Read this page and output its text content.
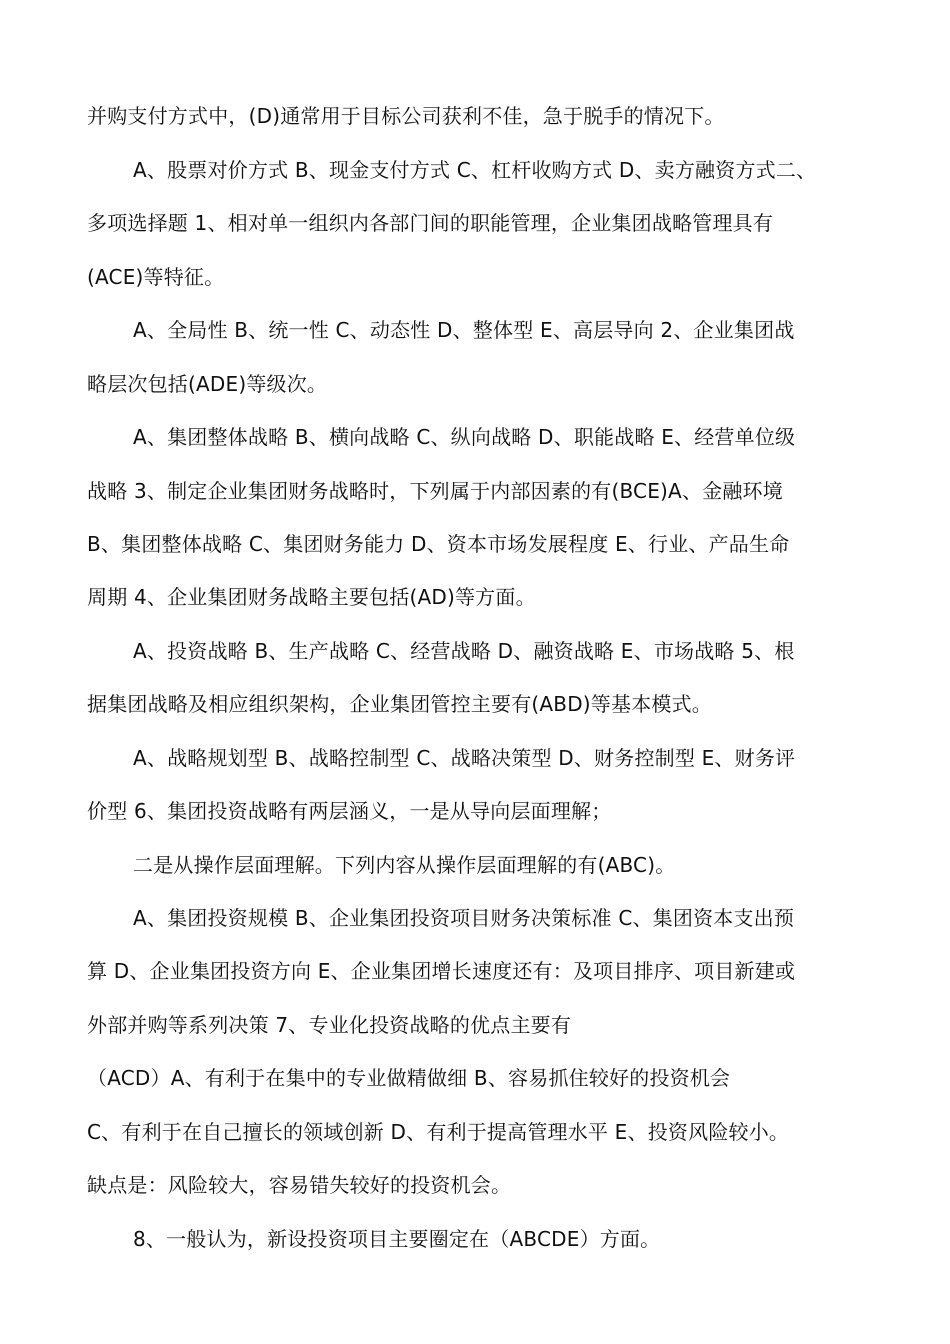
并购支付方式中，(D)通常用于目标公司获利不佳，急于脱手的情况下。
A、股票对价方式 B、现金支付方式 C、杠杆收购方式 D、卖方融资方式二、
多项选择题 1、相对单一组织内各部门间的职能管理，企业集团战略管理具有
(ACE)等特征。
A、全局性 B、统一性 C、动态性 D、整体型 E、高层导向 2、企业集团战
略层次包括(ADE)等级次。
A、集团整体战略 B、横向战略 C、纵向战略 D、职能战略 E、经营单位级
战略 3、制定企业集团财务战略时，下列属于内部因素的有(BCE)A、金融环境
B、集团整体战略 C、集团财务能力 D、资本市场发展程度 E、行业、产品生命
周期 4、企业集团财务战略主要包括(AD)等方面。
A、投资战略 B、生产战略 C、经营战略 D、融资战略 E、市场战略 5、根
据集团战略及相应组织架构，企业集团管控主要有(ABD)等基本模式。
A、战略规划型 B、战略控制型 C、战略决策型 D、财务控制型 E、财务评
价型 6、集团投资战略有两层涵义，一是从导向层面理解；
二是从操作层面理解。下列内容从操作层面理解的有(ABC)。
A、集团投资规模 B、企业集团投资项目财务决策标准 C、集团资本支出预
算 D、企业集团投资方向 E、企业集团增长速度还有：及项目排序、项目新建或
外部并购等系列决策 7、专业化投资战略的优点主要有
（ACD）A、有利于在集中的专业做精做细 B、容易抓住较好的投资机会
C、有利于在自己擅长的领域创新 D、有利于提高管理水平 E、投资风险较小。
缺点是：风险较大，容易错失较好的投资机会。
8、一般认为，新设投资项目主要圈定在（ABCDE）方面。
